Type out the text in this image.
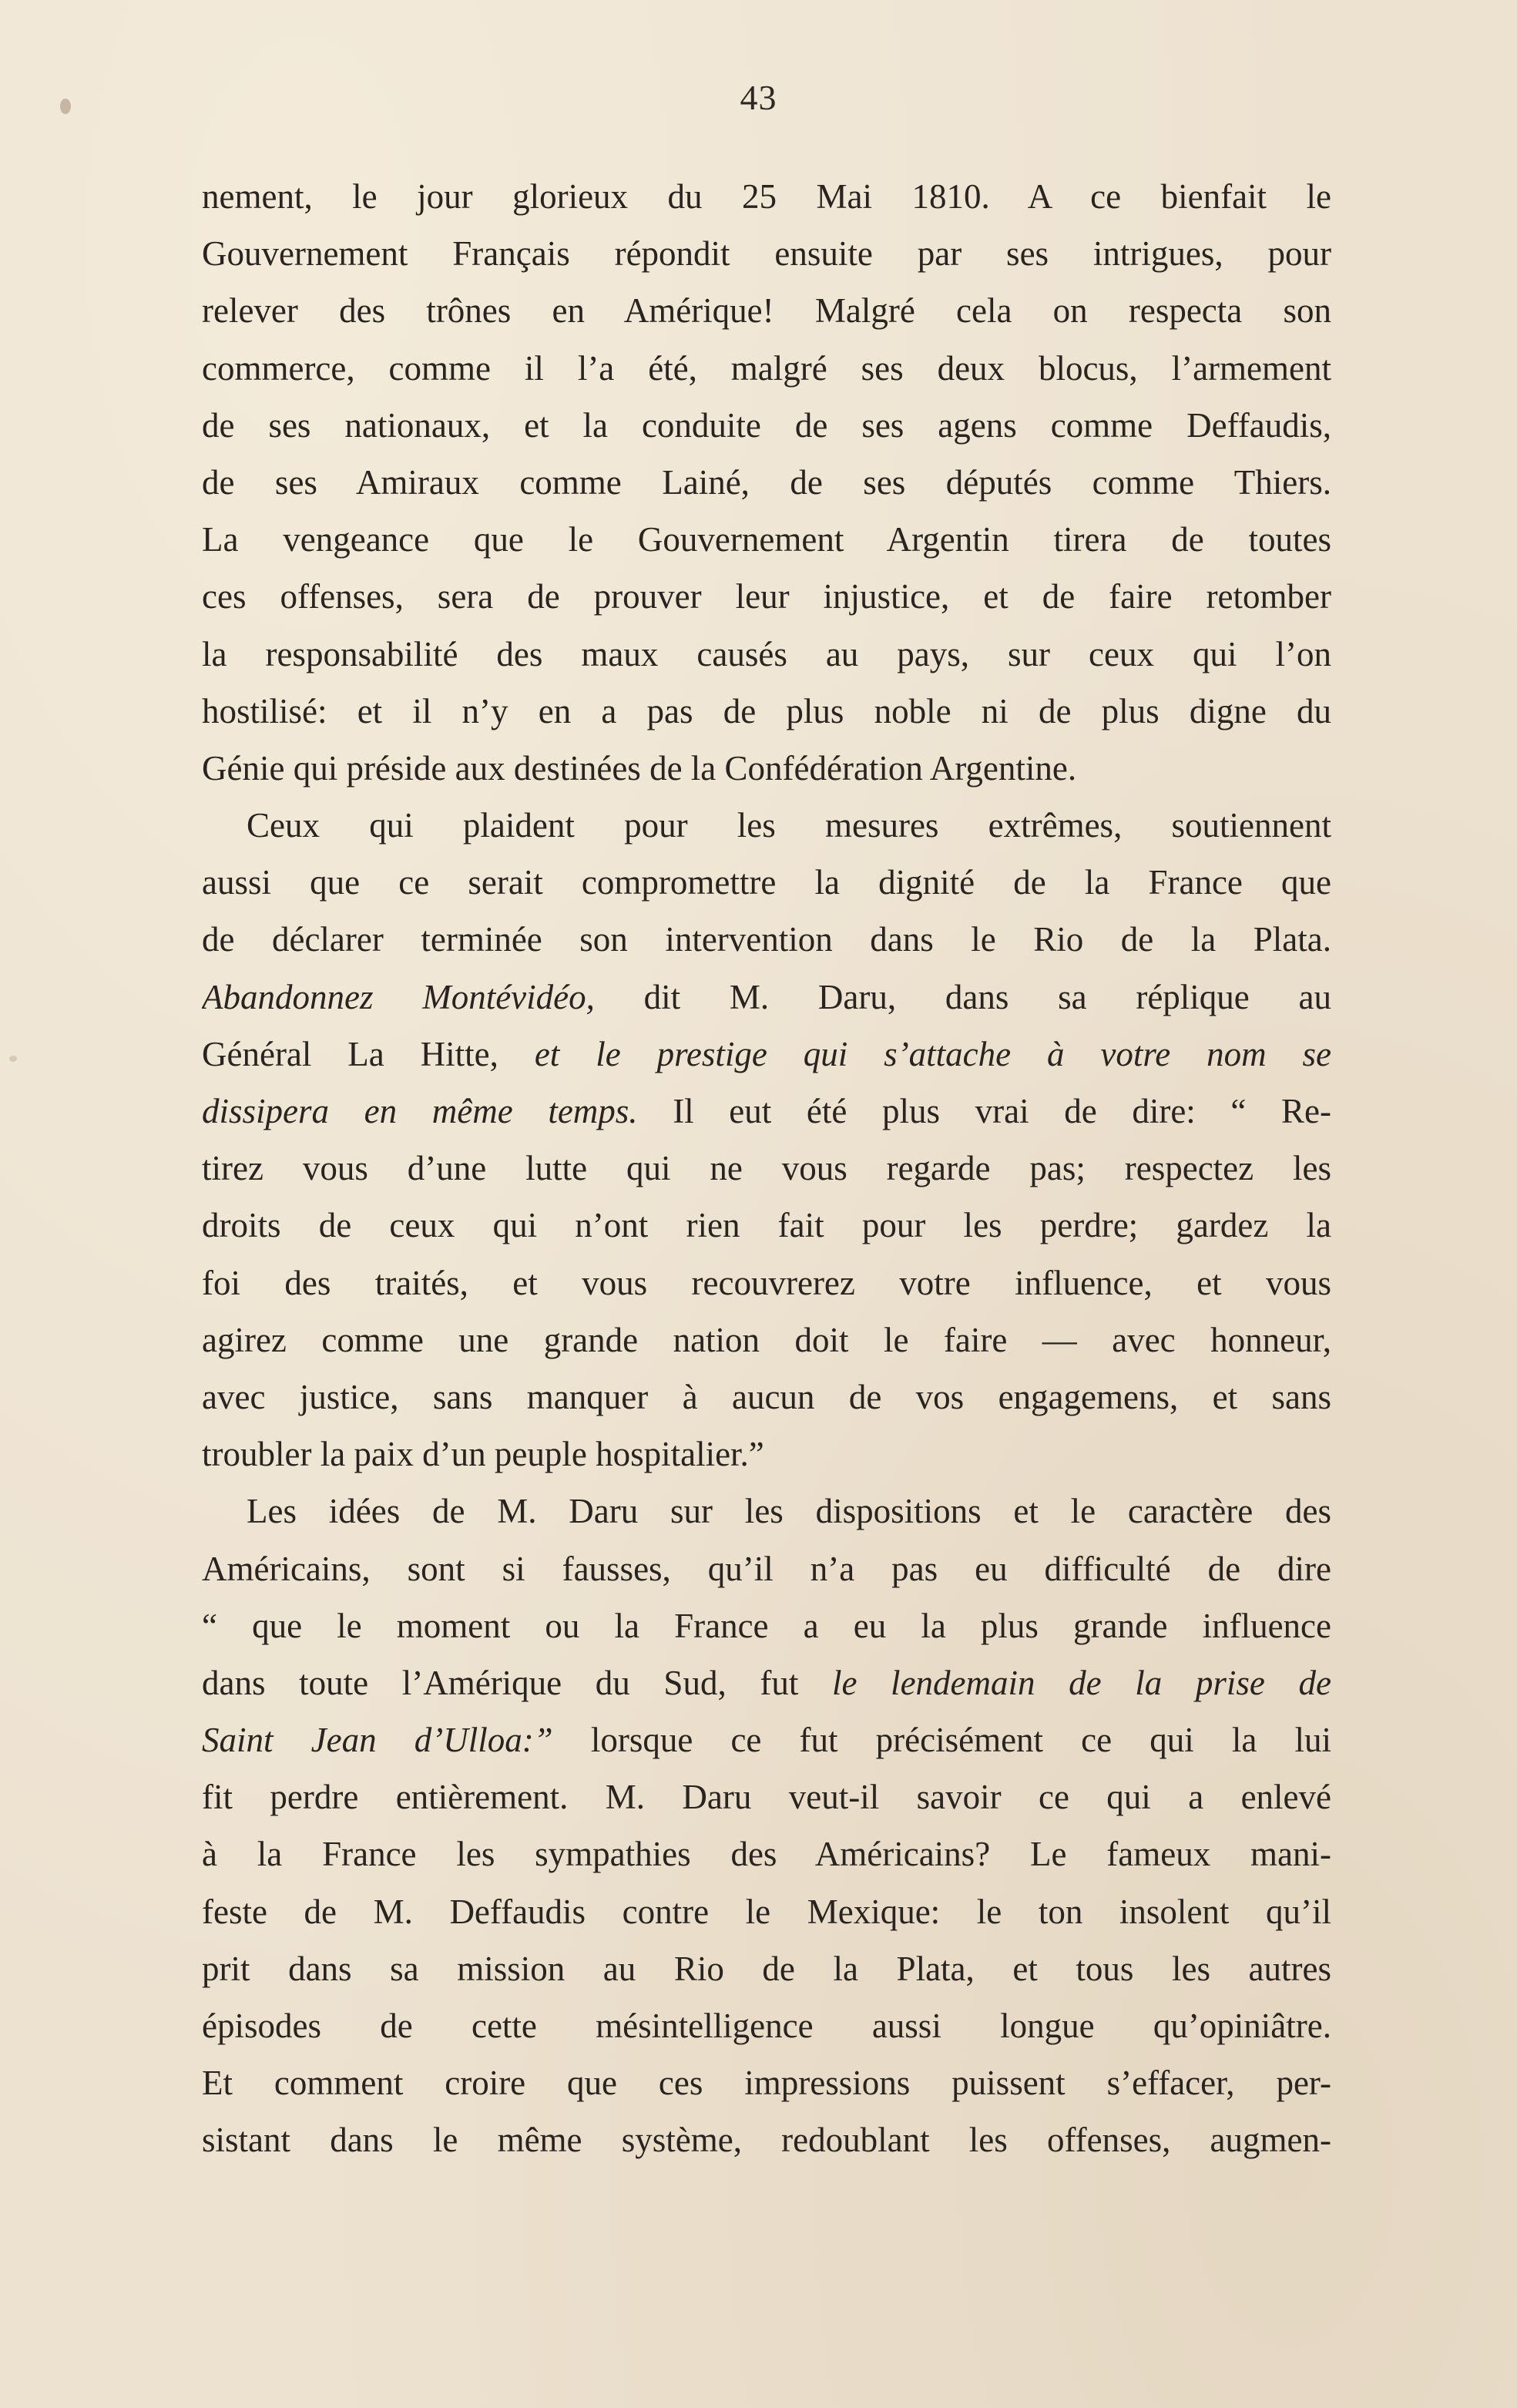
43
nement, le jour glorieux du 25 Mai 1810. A ce bienfait le
Gouvernement Français répondit ensuite par ses intrigues, pour
relever des trônes en Amérique! Malgré cela on respecta son
commerce, comme il l’a été, malgré ses deux blocus, l’armement
de ses nationaux, et la conduite de ses agens comme Deffaudis,
de ses Amiraux comme Lainé, de ses députés comme Thiers.
La vengeance que le Gouvernement Argentin tirera de toutes
ces offenses, sera de prouver leur injustice, et de faire retomber
la responsabilité des maux causés au pays, sur ceux qui l’on
hostilisé: et il n’y en a pas de plus noble ni de plus digne du
Génie qui préside aux destinées de la Confédération Argentine.
Ceux qui plaident pour les mesures extrêmes, soutiennent
aussi que ce serait compromettre la dignité de la France que
de déclarer terminée son intervention dans le Rio de la Plata.
Abandonnez Montévidéo, dit M. Daru, dans sa réplique au
Général La Hitte, et le prestige qui s’attache à votre nom se
dissipera en même temps. Il eut été plus vrai de dire: “ Re-
tirez vous d’une lutte qui ne vous regarde pas; respectez les
droits de ceux qui n’ont rien fait pour les perdre; gardez la
foi des traités, et vous recouvrerez votre influence, et vous
agirez comme une grande nation doit le faire — avec honneur,
avec justice, sans manquer à aucun de vos engagemens, et sans
troubler la paix d’un peuple hospitalier.”
Les idées de M. Daru sur les dispositions et le caractère des
Américains, sont si fausses, qu’il n’a pas eu difficulté de dire
“ que le moment ou la France a eu la plus grande influence
dans toute l’Amérique du Sud, fut le lendemain de la prise de
Saint Jean d’Ulloa:” lorsque ce fut précisément ce qui la lui
fit perdre entièrement. M. Daru veut-il savoir ce qui a enlevé
à la France les sympathies des Américains? Le fameux mani-
feste de M. Deffaudis contre le Mexique: le ton insolent qu’il
prit dans sa mission au Rio de la Plata, et tous les autres
épisodes de cette mésintelligence aussi longue qu’opiniâtre.
Et comment croire que ces impressions puissent s’effacer, per-
sistant dans le même système, redoublant les offenses, augmen-
